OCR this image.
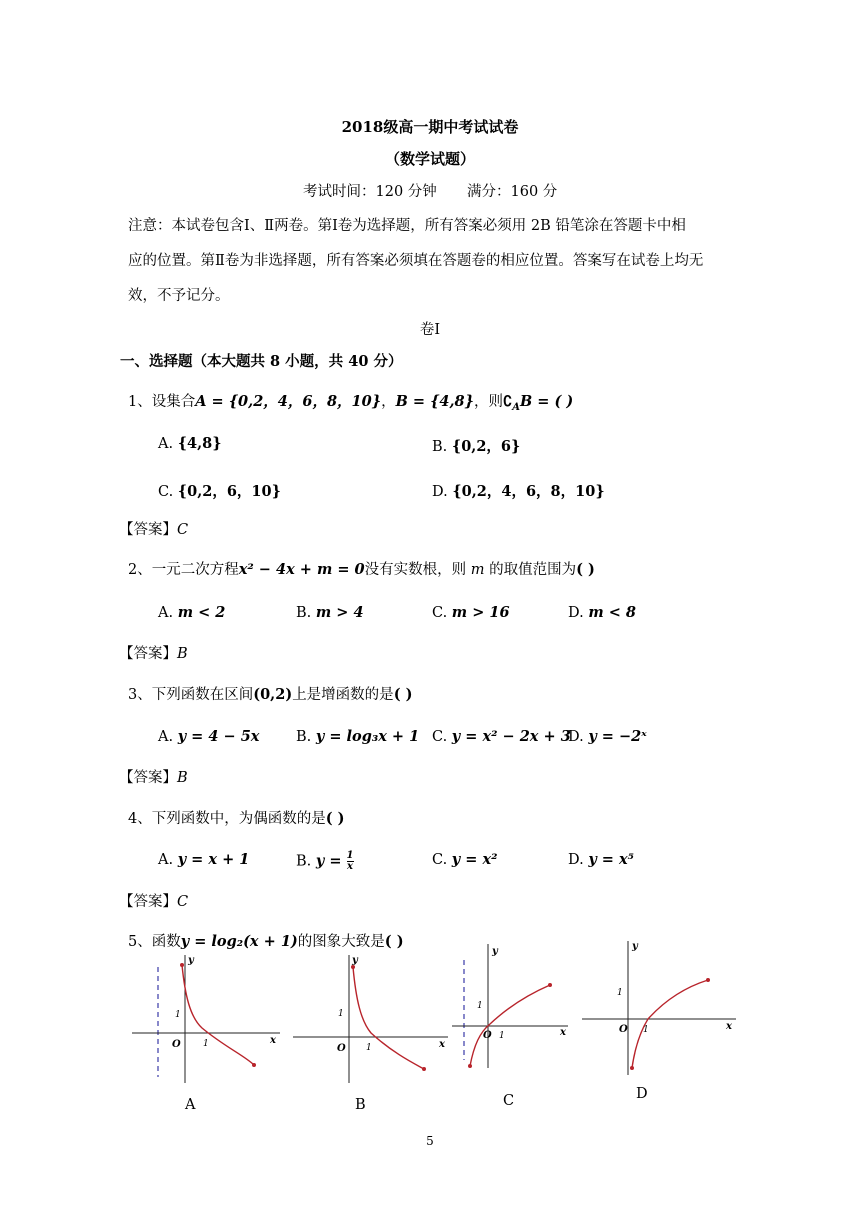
2018级高一期中考试试卷
（数学试题）
考试时间：120 分钟 满分：160 分
注意：本试卷包含Ⅰ、Ⅱ两卷。第Ⅰ卷为选择题，所有答案必须用 2B 铅笔涂在答题卡中相
应的位置。第Ⅱ卷为非选择题，所有答案必须填在答题卷的相应位置。答案写在试卷上均无
效，不予记分。
卷Ⅰ
一、选择题（本大题共 8 小题，共 40 分）
1、设集合A = {0,2，4，6，8，10}，B = {4,8}，则$∁_AB$ = ( )
A. {4,8}	B. {0,2，6}
C. {0,2，6，10}	D. {0,2，4，6，8，10}
【答案】C
2、一元二次方程x² − 4x + m = 0没有实数根，则 m 的取值范围为( )
A. m < 2	B. m > 4	C. m > 16	D. m < 8
【答案】B
3、下列函数在区间(0,2)上是增函数的是( )
A. y = 4 − 5x	B. y = log₃x + 1 C. y = x² − 2x + 3
D. y = −2ˣ
【答案】B
4、下列函数中，为偶函数的是( )
A. y = x + 1	B. $y = \frac{1}{x}$	C. y = x²	D. y = x⁵
【答案】C
5、函数y = log₂(x + 1)的图象大致是( )
y
x
O 1
1
A
y
x
O 1
1
B
y
x
O 1
1
C
y
x
O 1
1
D
5
